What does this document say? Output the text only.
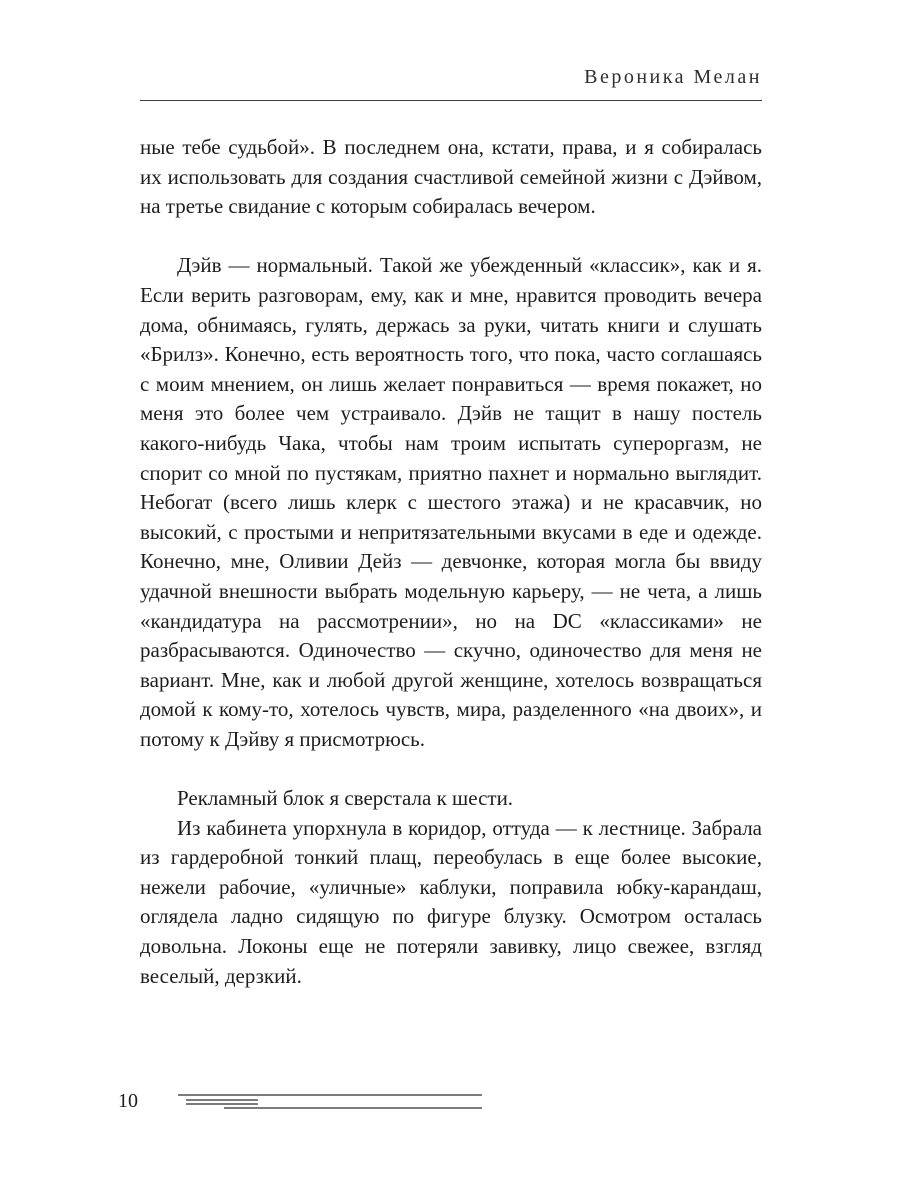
Вероника Мелан

ные тебе судьбой». В последнем она, кстати, права, и я собиралась их использовать для создания счастливой семейной жизни с Дэйвом, на третье свидание с которым собиралась вечером.

Дэйв — нормальный. Такой же убежденный «классик», как и я. Если верить разговорам, ему, как и мне, нравится проводить вечера дома, обнимаясь, гулять, держась за руки, читать книги и слушать «Брилз». Конечно, есть вероятность того, что пока, часто соглашаясь с моим мнением, он лишь желает понравиться — время покажет, но меня это более чем устраивало. Дэйв не тащит в нашу постель какого-нибудь Чака, чтобы нам троим испытать супероргазм, не спорит со мной по пустякам, приятно пахнет и нормально выглядит. Небогат (всего лишь клерк с шестого этажа) и не красавчик, но высокий, с простыми и непритязательными вкусами в еде и одежде. Конечно, мне, Оливии Дейз — девчонке, которая могла бы ввиду удачной внешности выбрать модельную карьеру, — не чета, а лишь «кандидатура на рассмотрении», но на DC «классиками» не разбрасываются. Одиночество — скучно, одиночество для меня не вариант. Мне, как и любой другой женщине, хотелось возвращаться домой к кому-то, хотелось чувств, мира, разделенного «на двоих», и потому к Дэйву я присмотрюсь.

Рекламный блок я сверстала к шести.

Из кабинета упорхнула в коридор, оттуда — к лестнице. Забрала из гардеробной тонкий плащ, переобулась в еще более высокие, нежели рабочие, «уличные» каблуки, поправила юбку-карандаш, оглядела ладно сидящую по фигуре блузку. Осмотром осталась довольна. Локоны еще не потеряли завивку, лицо свежее, взгляд веселый, дерзкий.

10
